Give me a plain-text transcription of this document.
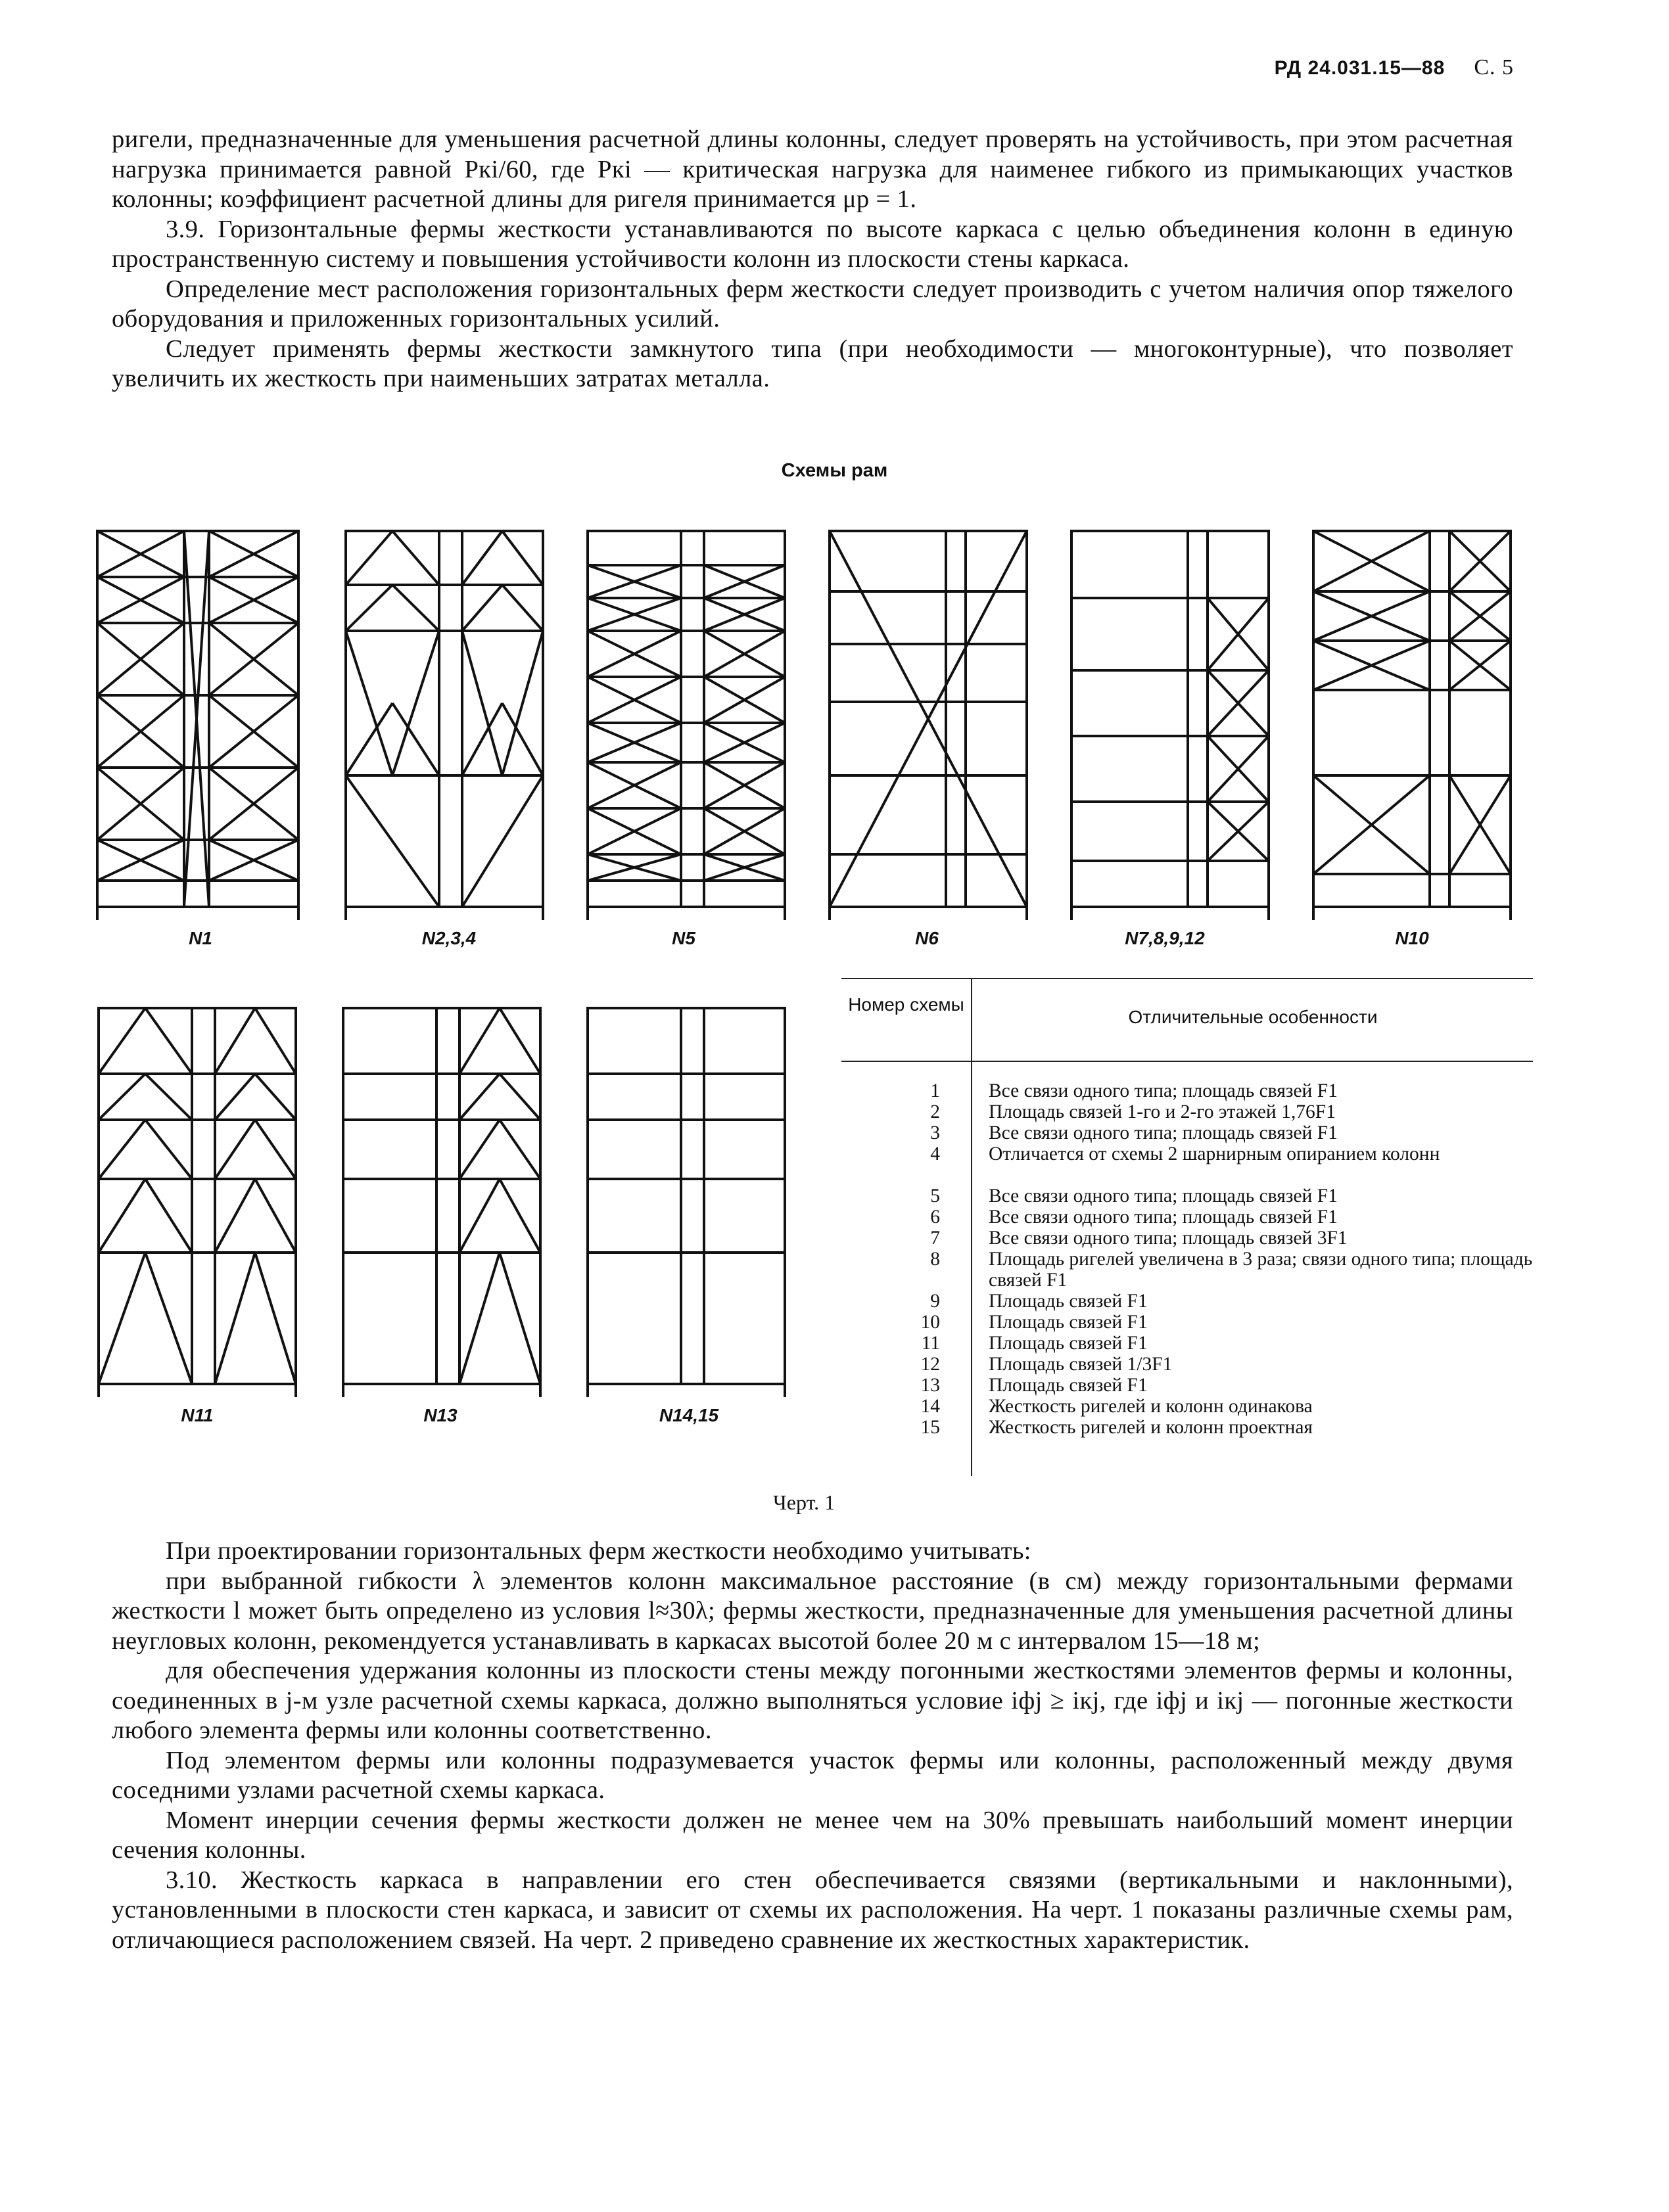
РД 24.031.15—88 С. 5

ригели, предназначенные для уменьшения расчетной длины колонны, следует проверять на устойчивость, при этом расчетная нагрузка принимается равной Pкi/60, где Pкi — критическая нагрузка для наименее гибкого из примыкающих участков колонны; коэффициент расчетной длины для ригеля принимается μp = 1.

3.9. Горизонтальные фермы жесткости устанавливаются по высоте каркаса с целью объединения колонн в единую пространственную систему и повышения устойчивости колонн из плоскости стены каркаса.

Определение мест расположения горизонтальных ферм жесткости следует производить с учетом наличия опор тяжелого оборудования и приложенных горизонтальных усилий.

Следует применять фермы жесткости замкнутого типа (при необходимости — многоконтурные), что позволяет увеличить их жесткость при наименьших затратах металла.

Схемы рам
N1	N2,3,4	N5	N6	N7,8,9,12	N10
N11	N13	N14,15
Номер схемы
Отличительные особенности
1	Все связи одного типа; площадь связей F1
2	Площадь связей 1-го и 2-го этажей 1,76F1
3	Все связи одного типа; площадь связей F1
4	Отличается от схемы 2 шарнирным опиранием колонн
5	Все связи одного типа; площадь связей F1
6	Все связи одного типа; площадь связей F1
7	Все связи одного типа; площадь связей 3F1
8	Площадь ригелей увеличена в 3 раза; связи одного типа; площадь связей F1
9	Площадь связей F1
10	Площадь связей F1
11	Площадь связей F1
12	Площадь связей 1/3F1
13	Площадь связей F1
14	Жесткость ригелей и колонн одинакова
15	Жесткость ригелей и колонн проектная
Черт. 1

При проектировании горизонтальных ферм жесткости необходимо учитывать:

при выбранной гибкости λ элементов колонн максимальное расстояние (в см) между горизонтальными фермами жесткости l может быть определено из условия l≈30λ; фермы жесткости, предназначенные для уменьшения расчетной длины неугловых колонн, рекомендуется устанавливать в каркасах высотой более 20 м с интервалом 15—18 м;

для обеспечения удержания колонны из плоскости стены между погонными жесткостями элементов фермы и колонны, соединенных в j-м узле расчетной схемы каркаса, должно выполняться условие iфj ≥ iкj, где iфj и iкj — погонные жесткости любого элемента фермы или колонны соответственно.

Под элементом фермы или колонны подразумевается участок фермы или колонны, расположенный между двумя соседними узлами расчетной схемы каркаса.

Момент инерции сечения фермы жесткости должен не менее чем на 30% превышать наибольший момент инерции сечения колонны.

3.10. Жесткость каркаса в направлении его стен обеспечивается связями (вертикальными и наклонными), установленными в плоскости стен каркаса, и зависит от схемы их расположения. На черт. 1 показаны различные схемы рам, отличающиеся расположением связей. На черт. 2 приведено сравнение их жесткостных характеристик.
